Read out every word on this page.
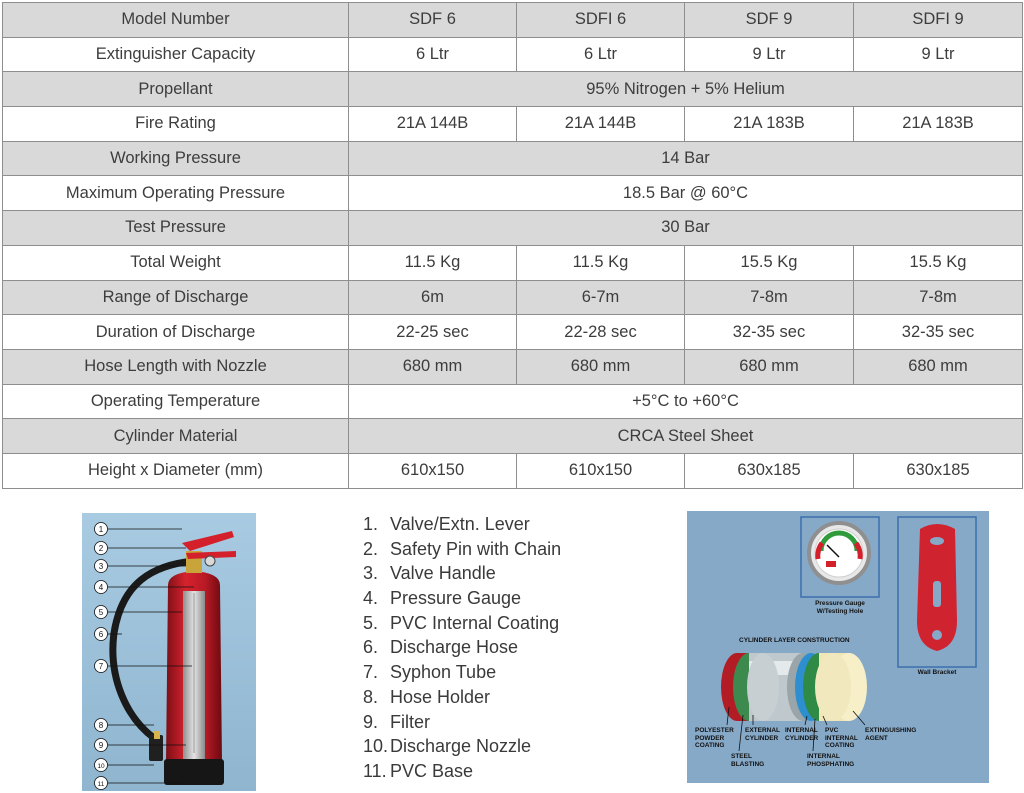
Model Number	SDF 6	SDFI 6	SDF 9	SDFI 9
Extinguisher Capacity	6 Ltr	6 Ltr	9 Ltr	9 Ltr
Propellant	95% Nitrogen + 5% Helium			
Fire Rating	21A 144B	21A 144B	21A 183B	21A 183B
Working Pressure	14 Bar			
Maximum Operating Pressure	18.5 Bar @ 60°C			
Test Pressure	30 Bar			
Total Weight	11.5 Kg	11.5 Kg	15.5 Kg	15.5 Kg
Range of Discharge	6m	6-7m	7-8m	7-8m
Duration of Discharge	22-25 sec	22-28 sec	32-35 sec	32-35 sec
Hose Length with Nozzle	680 mm	680 mm	680 mm	680 mm
Operating Temperature	+5°C to +60°C			
Cylinder Material	CRCA Steel Sheet			
Height x Diameter (mm)	610x150	610x150	630x185	630x185
1
2
3
4
5
6
7
8
9
10
11
1. Valve/Extn. Lever
2. Safety Pin with Chain
3. Valve Handle
4. Pressure Gauge
5. PVC Internal Coating
6. Discharge Hose
7. Syphon Tube
8. Hose Holder
9. Filter
10. Discharge Nozzle
11. PVC Base
Pressure Gauge W/Testing Hole
Wall Bracket
CYLINDER LAYER CONSTRUCTION
POLYESTER POWDER COATING
STEEL BLASTING
EXTERNAL CYLINDER
INTERNAL CYLINDER
INTERNAL PHOSPHATING
PVC INTERNAL COATING
EXTINGUISHING AGENT
